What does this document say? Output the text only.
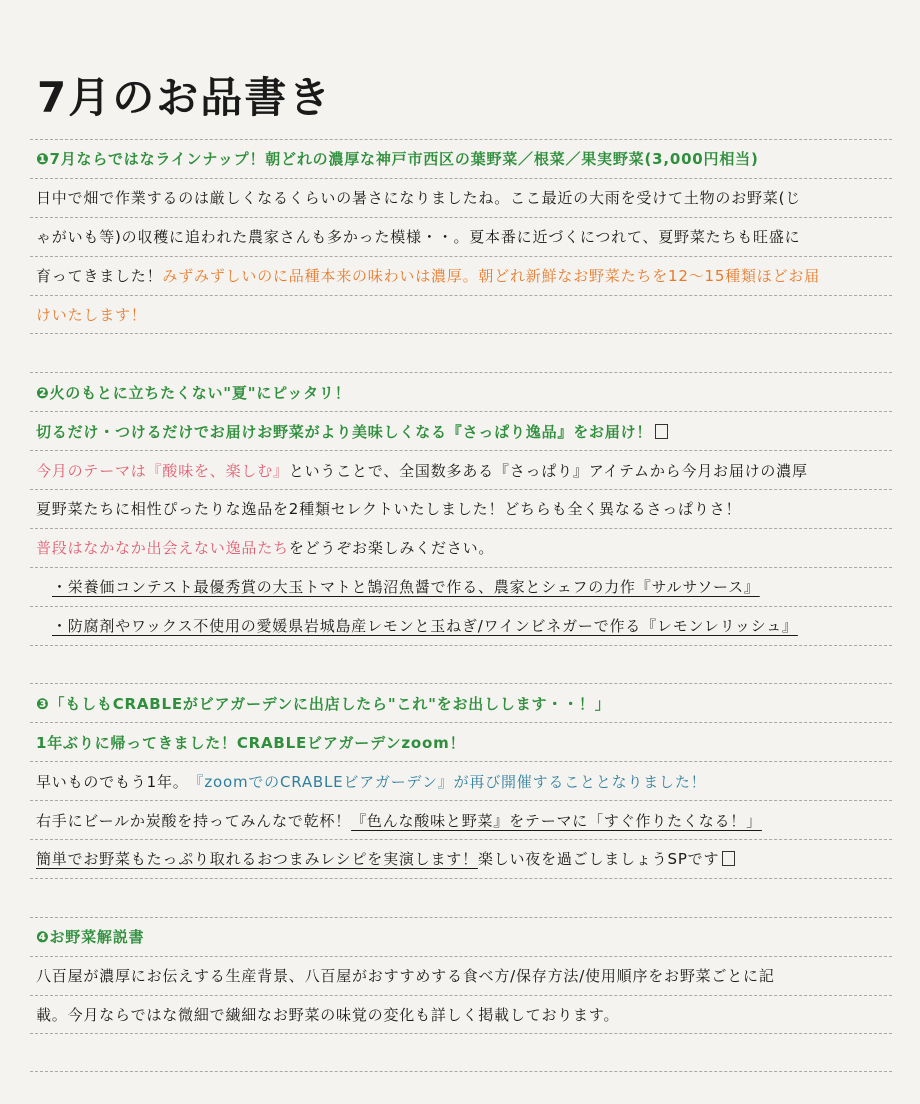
7月のお品書き
❶7月ならではなラインナップ！朝どれの濃厚な神戸市西区の葉野菜／根菜／果実野菜(3,000円相当)
日中で畑で作業するのは厳しくなるくらいの暑さになりましたね。ここ最近の大雨を受けて土物のお野菜(じ
ゃがいも等)の収穫に追われた農家さんも多かった模様・・。夏本番に近づくにつれて、夏野菜たちも旺盛に
育ってきました！ みずみずしいのに品種本来の味わいは濃厚。朝どれ新鮮なお野菜たちを12〜15種類ほどお届
けいたします！
❷火のもとに立ちたくない"夏"にピッタリ！
切るだけ・つけるだけでお届けお野菜がより美味しくなる『さっぱり逸品』をお届け！
今月のテーマは『酸味を、楽しむ』 ということで、全国数多ある『さっぱり』アイテムから今月お届けの濃厚
夏野菜たちに相性ぴったりな逸品を2種類セレクトいたしました！どちらも全く異なるさっぱりさ！
普段はなかなか出会えない逸品たち をどうぞお楽しみください。
・栄養価コンテスト最優秀賞の大玉トマトと鵠沼魚醤で作る、農家とシェフの力作『サルサソース』
・防腐剤やワックス不使用の愛媛県岩城島産レモンと玉ねぎ/ワインビネガーで作る『レモンレリッシュ』
❸「もしもCRABLEがビアガーデンに出店したら"これ"をお出しします・・！」
1年ぶりに帰ってきました！CRABLEビアガーデンzoom！
早いものでもう1年。 『zoomでのCRABLEビアガーデン』が再び開催することとなりました！
右手にビールか炭酸を持ってみんなで乾杯！ 『色んな酸味と野菜』をテーマに「すぐ作りたくなる！」
簡単でお野菜もたっぷり取れるおつまみレシピを実演します！ 楽しい夜を過ごしましょうSPです
❹お野菜解説書
八百屋が濃厚にお伝えする生産背景、八百屋がおすすめする食べ方/保存方法/使用順序をお野菜ごとに記
載。今月ならではな微細で繊細なお野菜の味覚の変化も詳しく掲載しております。
